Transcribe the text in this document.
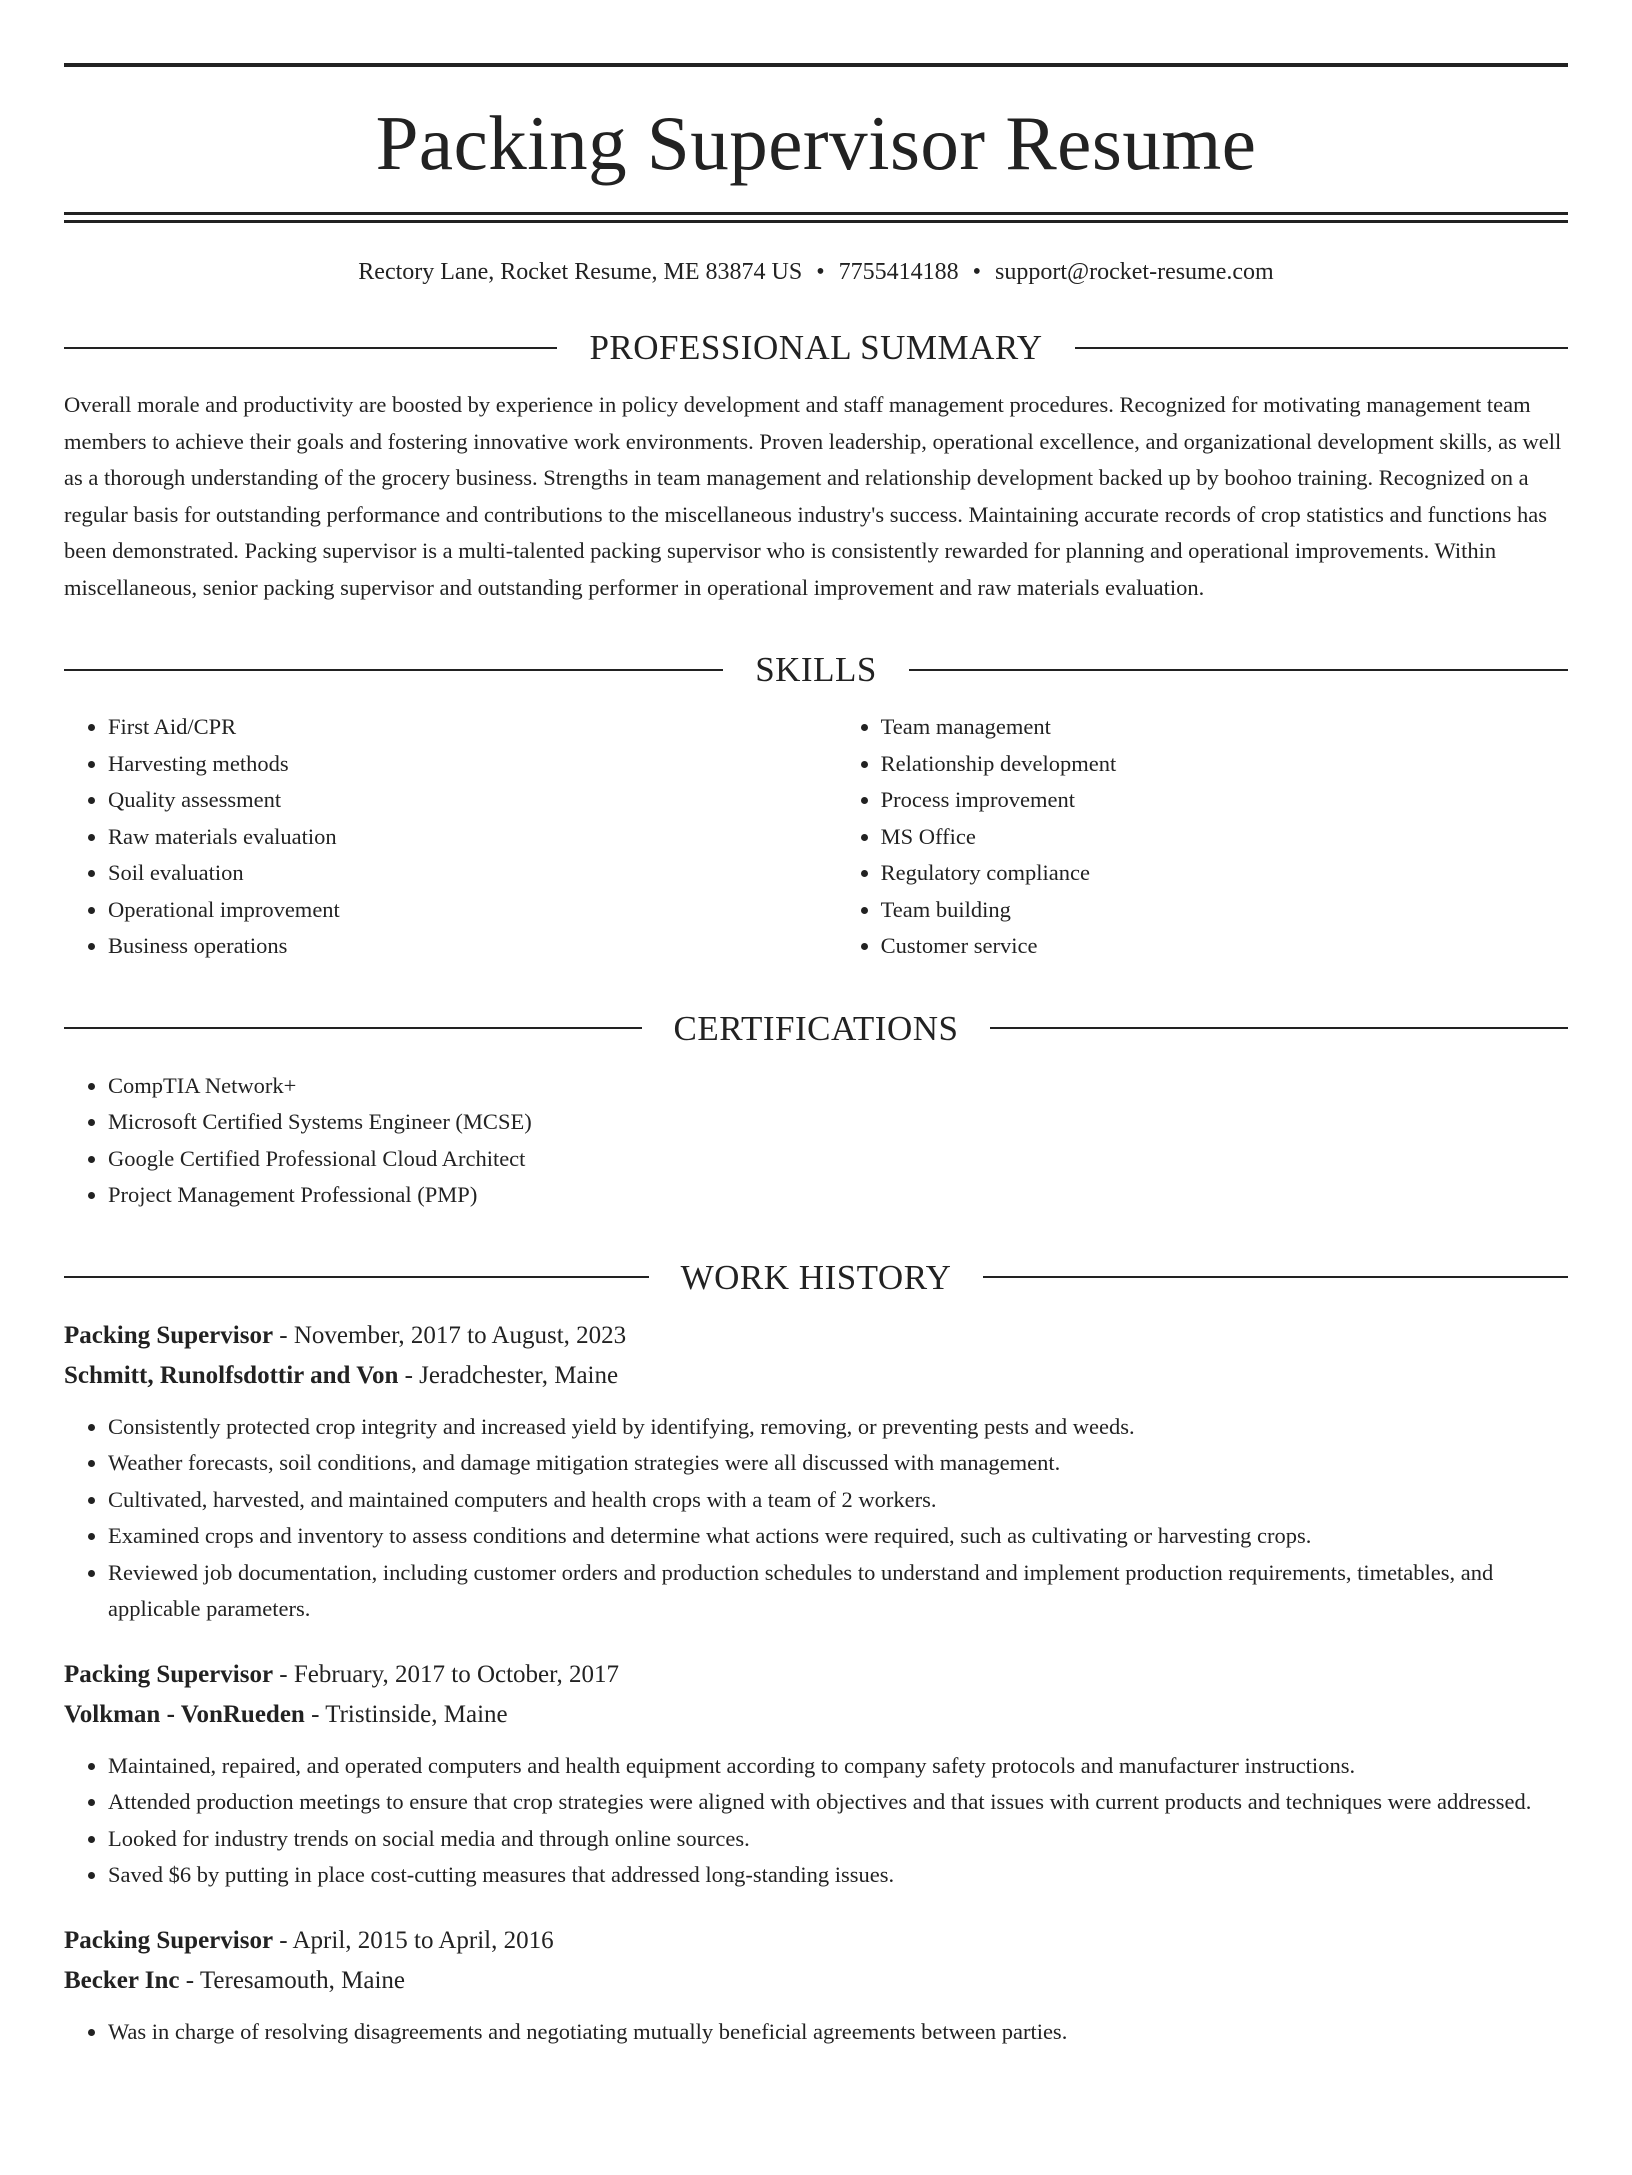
Packing Supervisor Resume
Rectory Lane, Rocket Resume, ME 83874 US • 7755414188 • support@rocket-resume.com
PROFESSIONAL SUMMARY
Overall morale and productivity are boosted by experience in policy development and staff management procedures. Recognized for motivating management team members to achieve their goals and fostering innovative work environments. Proven leadership, operational excellence, and organizational development skills, as well as a thorough understanding of the grocery business. Strengths in team management and relationship development backed up by boohoo training. Recognized on a regular basis for outstanding performance and contributions to the miscellaneous industry's success. Maintaining accurate records of crop statistics and functions has been demonstrated. Packing supervisor is a multi-talented packing supervisor who is consistently rewarded for planning and operational improvements. Within miscellaneous, senior packing supervisor and outstanding performer in operational improvement and raw materials evaluation.
SKILLS
• First Aid/CPR
• Harvesting methods
• Quality assessment
• Raw materials evaluation
• Soil evaluation
• Operational improvement
• Business operations
• Team management
• Relationship development
• Process improvement
• MS Office
• Regulatory compliance
• Team building
• Customer service
CERTIFICATIONS
• CompTIA Network+
• Microsoft Certified Systems Engineer (MCSE)
• Google Certified Professional Cloud Architect
• Project Management Professional (PMP)
WORK HISTORY
Packing Supervisor - November, 2017 to August, 2023
Schmitt, Runolfsdottir and Von - Jeradchester, Maine
• Consistently protected crop integrity and increased yield by identifying, removing, or preventing pests and weeds.
• Weather forecasts, soil conditions, and damage mitigation strategies were all discussed with management.
• Cultivated, harvested, and maintained computers and health crops with a team of 2 workers.
• Examined crops and inventory to assess conditions and determine what actions were required, such as cultivating or harvesting crops.
• Reviewed job documentation, including customer orders and production schedules to understand and implement production requirements, timetables, and applicable parameters.
Packing Supervisor - February, 2017 to October, 2017
Volkman - VonRueden - Tristinside, Maine
• Maintained, repaired, and operated computers and health equipment according to company safety protocols and manufacturer instructions.
• Attended production meetings to ensure that crop strategies were aligned with objectives and that issues with current products and techniques were addressed.
• Looked for industry trends on social media and through online sources.
• Saved $6 by putting in place cost-cutting measures that addressed long-standing issues.
Packing Supervisor - April, 2015 to April, 2016
Becker Inc - Teresamouth, Maine
• Was in charge of resolving disagreements and negotiating mutually beneficial agreements between parties.
